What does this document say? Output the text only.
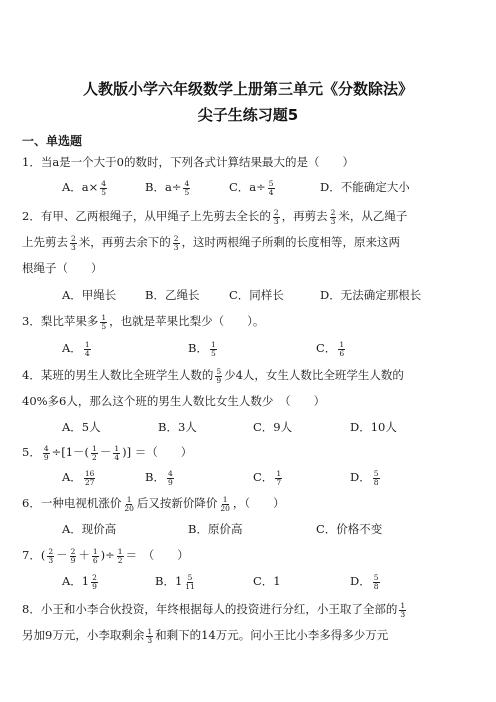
人教版小学六年级数学上册第三单元《分数除法》
尖子生练习题5
一、单选题
1．当a是一个大于0的数时，下列各式计算结果最大的是（　　）
A．$a\times \frac{4}{5}$	B．$a\div \frac{4}{5}$	C．$a\div \frac{5}{4}$	D．不能确定大小
2．有甲、乙两根绳子，从甲绳子上先剪去全长的 $\frac{2}{3}$ ，再剪去 $\frac{2}{3}$ 米，从乙绳子
上先剪去 $\frac{2}{3}$ 米，再剪去余下的 $\frac{2}{3}$ ，这时两根绳子所剩的长度相等，原来这两
根绳子（　　）
A．甲绳长 B．乙绳长	C．同样长	D．无法确定那根长
3．梨比苹果多 $\frac{1}{5}$ ，也就是苹果比梨少（　　）。
A． $\frac{1}{4}$	B． $\frac{1}{5}$	C． $\frac{1}{6}$
4．某班的男生人数比全班学生人数的 $\frac{5}{9}$ 少4人，女生人数比全班学生人数的
40%多6人，那么这个班的男生人数比女生人数少　（　　）
A．5人	B．3人	C．9人	D．10人
5． $\frac{4}{9} \div[1-( \frac{1}{2} - \frac{1}{4}$ )] ＝（　　）
A． $\frac{16}{27}$	B． $\frac{4}{9}$	C． $\frac{1}{7}$	D． $\frac{5}{8}$
6．一种电视机涨价 $\frac{1}{20}$ 后又按新价降价 $\frac{1}{20}$ ，（　　）
A．现价高	B．原价高	C．价格不变
7．( $\frac{2}{3} - \frac{2}{9} + \frac{1}{6}$ )÷ $\frac{1}{2}$ ＝　（　　）
A．$1 \frac{2}{9}$	B．$1 \frac{5}{11}$	C．1	D． $\frac{5}{8}$
8．小王和小李合伙投资，年终根据每人的投资进行分红，小王取了全部的 $\frac{1}{3}$
另加9万元，小李取剩余 $\frac{1}{3}$ 和剩下的14万元。问小王比小李多得多少万元
